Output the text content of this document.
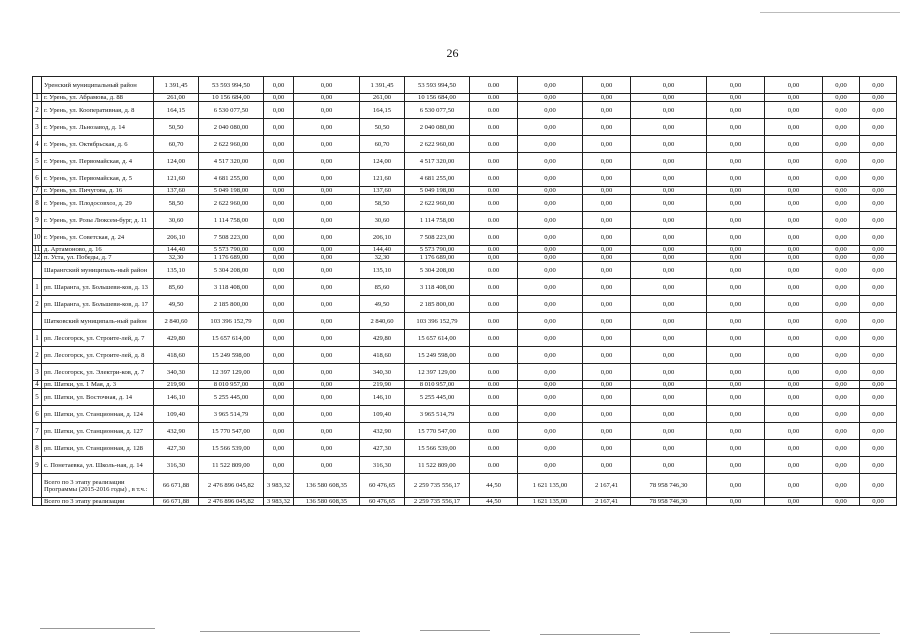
26
	Уренский муниципальный район	1 391,45	53 593 994,50	0,00	0,00	1 391,45	53 593 994,50	0.00	0,00	0,00	0,00	0,00	0,00	0,00	0,00
1	г. Урень, ул. Абрамова, д. 88	261,00	10 156 684,00	0,00	0,00	261,00	10 156 684,00	0.00	0,00	0,00	0,00	0,00	0,00	0,00	0,00
2	г. Урень, ул. Кооперативная, д. 8	164,15	6 530 077,50	0,00	0,00	164,15	6 530 077,50	0.00	0,00	0,00	0,00	0,00	0,00	0,00	0,00
3	г. Урень, ул. Льнозавод, д. 14	50,50	2 040 080,00	0,00	0,00	50,50	2 040 080,00	0.00	0,00	0,00	0,00	0,00	0,00	0,00	0,00
4	г. Урень, ул. Октябрьская, д. 6	60,70	2 622 960,00	0,00	0,00	60,70	2 622 960,00	0.00	0,00	0,00	0,00	0,00	0,00	0,00	0,00
5	г. Урень, ул. Первомайская, д. 4	124,00	4 517 320,00	0,00	0,00	124,00	4 517 320,00	0.00	0,00	0,00	0,00	0,00	0,00	0,00	0,00
6	г. Урень, ул. Первомайская, д. 5	121,60	4 681 255,00	0,00	0,00	121,60	4 681 255,00	0.00	0,00	0,00	0,00	0,00	0,00	0,00	0,00
7	г. Урень, ул. Пичугова, д. 16	137,60	5 049 198,00	0,00	0,00	137,60	5 049 198,00	0.00	0,00	0,00	0,00	0,00	0,00	0,00	0,00
8	г. Урень, ул. Плодосовхоз, д. 29	58,50	2 622 960,00	0,00	0,00	58,50	2 622 960,00	0.00	0,00	0,00	0,00	0,00	0,00	0,00	0,00
9	г. Урень, ул. Розы Люксем-бург, д. 11	30,60	1 114 758,00	0,00	0,00	30,60	1 114 758,00	0.00	0,00	0,00	0,00	0,00	0,00	0,00	0,00
10	г. Урень, ул. Советская, д. 24	206,10	7 508 223,00	0,00	0,00	206,10	7 508 223,00	0.00	0,00	0,00	0,00	0,00	0,00	0,00	0,00
11	д. Артамоново, д. 16	144,40	5 573 790,00	0,00	0,00	144,40	5 573 790,00	0.00	0,00	0,00	0,00	0,00	0,00	0,00	0,00
12	п. Уста, ул. Победы, д. 7	32,30	1 176 689,00	0,00	0,00	32,30	1 176 689,00	0,00	0,00	0,00	0,00	0,00	0,00	0,00	0,00
	Шарангский муниципаль-ный район	135,10	5 304 208,00	0,00	0,00	135,10	5 304 208,00	0.00	0,00	0,00	0,00	0,00	0,00	0,00	0,00
1	рп. Шаранга, ул. Большеви-ков, д. 13	85,60	3 118 408,00	0,00	0,00	85,60	3 118 408,00	0.00	0,00	0,00	0,00	0,00	0,00	0,00	0,00
2	рп. Шаранга, ул. Большеви-ков, д. 17	49,50	2 185 800,00	0,00	0,00	49,50	2 185 800,00	0.00	0,00	0,00	0,00	0,00	0,00	0,00	0,00
	Шатковский муниципаль-ный район	2 840,60	103 396 152,79	0,00	0,00	2 840,60	103 396 152,79	0.00	0,00	0,00	0,00	0,00	0,00	0,00	0,00
1	рп. Лесогорск, ул. Строите-лей, д. 7	429,80	15 657 614,00	0,00	0,00	429,80	15 657 614,00	0.00	0,00	0,00	0,00	0,00	0,00	0,00	0,00
2	рп. Лесогорск, ул. Строите-лей, д. 8	418,60	15 249 598,00	0,00	0,00	418,60	15 249 598,00	0.00	0,00	0,00	0,00	0,00	0,00	0,00	0,00
3	рп. Лесогорск, ул. Электри-ков, д. 7	340,30	12 397 129,00	0,00	0,00	340,30	12 397 129,00	0.00	0,00	0,00	0,00	0,00	0,00	0,00	0,00
4	рп. Шатки, ул. 1 Мая, д. 3	219,90	8 010 957,00	0,00	0,00	219,90	8 010 957,00	0.00	0,00	0,00	0,00	0,00	0,00	0,00	0,00
5	рп. Шатки, ул. Восточная, д. 14	146,10	5 255 445,00	0,00	0,00	146,10	5 255 445,00	0.00	0,00	0,00	0,00	0,00	0,00	0,00	0,00
6	рп. Шатки, ул. Станционная, д. 124	109,40	3 965 514,79	0,00	0,00	109,40	3 965 514,79	0.00	0,00	0,00	0,00	0,00	0,00	0,00	0,00
7	рп. Шатки, ул. Станционная, д. 127	432,90	15 770 547,00	0,00	0,00	432,90	15 770 547,00	0.00	0,00	0,00	0,00	0,00	0,00	0,00	0,00
8	рп. Шатки, ул. Станционная, д. 128	427,30	15 566 539,00	0,00	0,00	427,30	15 566 539,00	0.00	0,00	0,00	0,00	0,00	0,00	0,00	0,00
9	с. Понетаевка, ул. Школь-ная, д. 14	316,30	11 522 809,00	0,00	0,00	316,30	11 522 809,00	0.00	0,00	0,00	0,00	0,00	0,00	0,00	0,00
	Всего по 3 этапу реализации Программы (2015-2016 годы) , в т.ч.:	66 671,88	2 476 896 045,82	3 983,32	136 580 608,35	60 476,65	2 259 735 556,17	44,50	1 621 135,00	2 167,41	78 958 746,30	0,00	0,00	0,00	0,00
	Всего по 3 этапу реализации	66 671,88	2 476 896 045,82	3 983,32	136 580 608,35	60 476,65	2 259 735 556,17	44,50	1 621 135,00	2 167,41	78 958 746,30	0,00	0,00	0,00	0,00
